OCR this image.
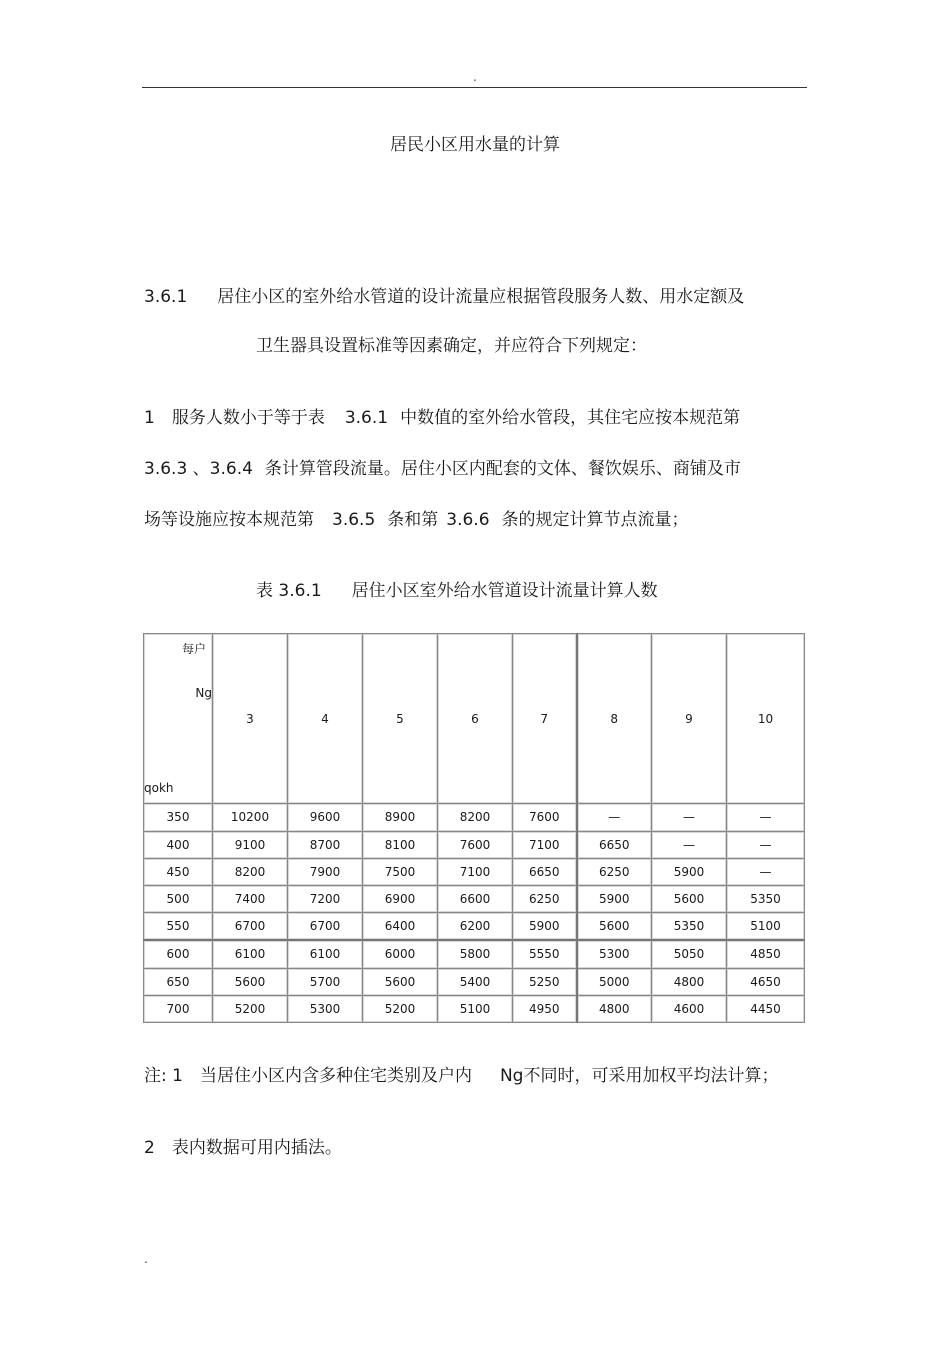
.
居民小区用水量的计算
3.6.1 居住小区的室外给水管道的设计流量应根据管段服务人数、用水定额及
卫生器具设置标准等因素确定，并应符合下列规定：
1　服务人数小于等于表 3.6.1 中数值的室外给水管段，其住宅应按本规范第
3.6.3 、3.6.4 条计算管段流量。居住小区内配套的文体、餐饮娱乐、商铺及市
场等设施应按本规范第 3.6.5 条和第 3.6.6 条的规定计算节点流量；
表 3.6.1 居住小区室外给水管道设计流量计算人数
每户
Ng
qokh	3	4	5	6	7	8	9	10
350	10200	9600	8900	8200	7600	—	—	—
400	9100	8700	8100	7600	7100	6650	—	—
450	8200	7900	7500	7100	6650	6250	5900	—
500	7400	7200	6900	6600	6250	5900	5600	5350
550	6700	6700	6400	6200	5900	5600	5350	5100
600	6100	6100	6000	5800	5550	5300	5050	4850
650	5600	5700	5600	5400	5250	5000	4800	4650
700	5200	5300	5200	5100	4950	4800	4600	4450
注: 1　当居住小区内含多种住宅类别及户内 Ng不同时，可采用加权平均法计算；
2　表内数据可用内插法。
.
